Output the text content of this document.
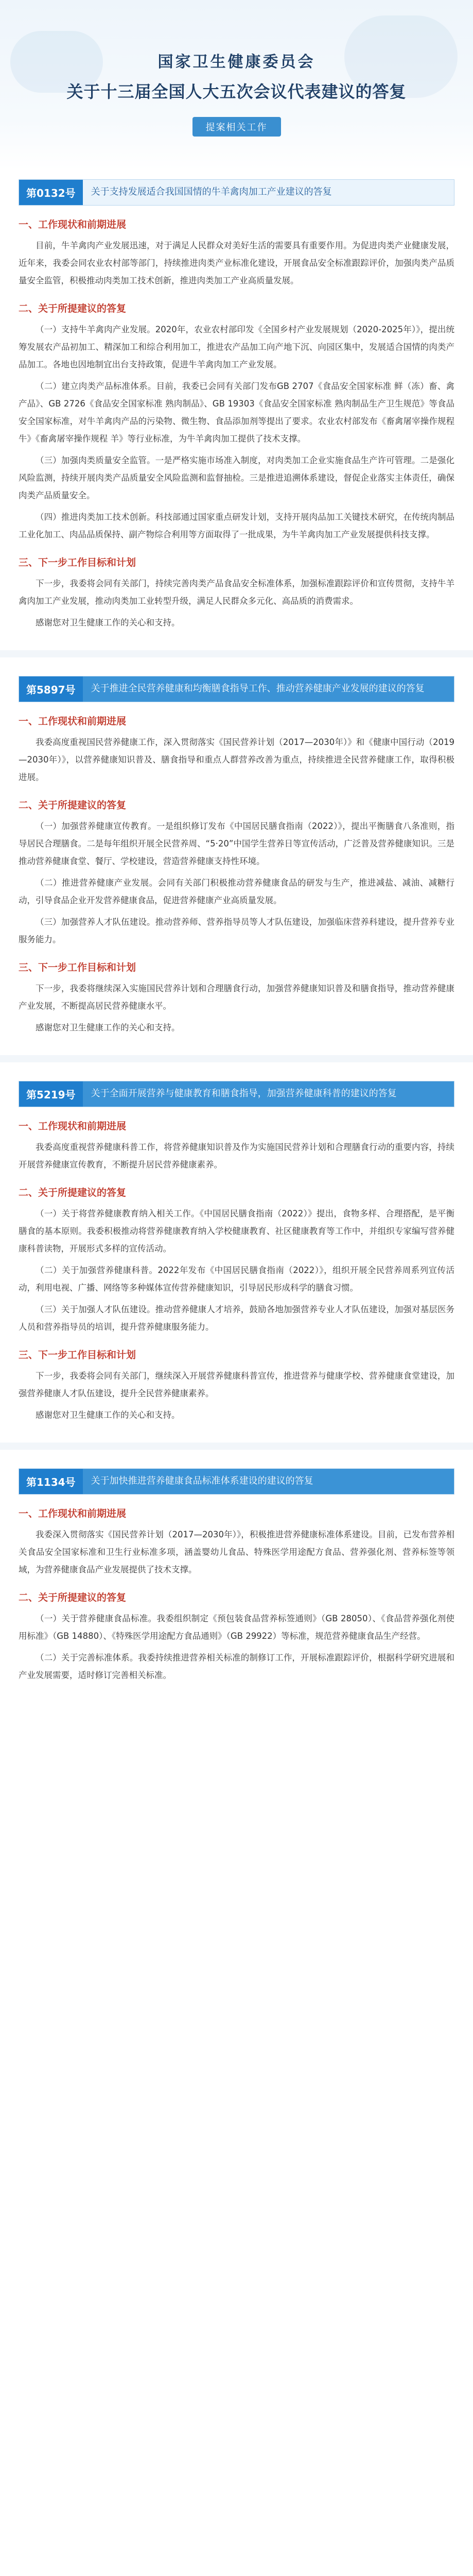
国家卫生健康委员会
关于十三届全国人大五次会议代表建议的答复
提案相关工作
第0132号	关于支持发展适合我国国情的牛羊禽肉加工产业建议的答复
一、工作现状和前期进展

目前，牛羊禽肉产业发展迅速，对于满足人民群众对美好生活的需要具有重要作用。为促进肉类产业健康发展，近年来，我委会同农业农村部等部门，持续推进肉类产业标准化建设，开展食品安全标准跟踪评价，加强肉类产品质量安全监管，积极推动肉类加工技术创新，推进肉类加工产业高质量发展。

二、关于所提建议的答复

（一）支持牛羊禽肉产业发展。2020年，农业农村部印发《全国乡村产业发展规划（2020-2025年）》，提出统筹发展农产品初加工、精深加工和综合利用加工，推进农产品加工向产地下沉、向园区集中，发展适合国情的肉类产品加工。各地也因地制宜出台支持政策，促进牛羊禽肉加工产业发展。

（二）建立肉类产品标准体系。目前，我委已会同有关部门发布GB 2707《食品安全国家标准 鲜（冻）畜、禽产品》、GB 2726《食品安全国家标准 熟肉制品》、GB 19303《食品安全国家标准 熟肉制品生产卫生规范》等食品安全国家标准，对牛羊禽肉产品的污染物、微生物、食品添加剂等提出了要求。农业农村部发布《畜禽屠宰操作规程 牛》《畜禽屠宰操作规程 羊》等行业标准，为牛羊禽肉加工提供了技术支撑。

（三）加强肉类质量安全监管。一是严格实施市场准入制度，对肉类加工企业实施食品生产许可管理。二是强化风险监测，持续开展肉类产品质量安全风险监测和监督抽检。三是推进追溯体系建设，督促企业落实主体责任，确保肉类产品质量安全。

（四）推进肉类加工技术创新。科技部通过国家重点研发计划，支持开展肉品加工关键技术研究，在传统肉制品工业化加工、肉品品质保持、副产物综合利用等方面取得了一批成果，为牛羊禽肉加工产业发展提供科技支撑。

三、下一步工作目标和计划

下一步，我委将会同有关部门，持续完善肉类产品食品安全标准体系，加强标准跟踪评价和宣传贯彻，支持牛羊禽肉加工产业发展，推动肉类加工业转型升级，满足人民群众多元化、高品质的消费需求。

感谢您对卫生健康工作的关心和支持。

第5897号	关于推进全民营养健康和均衡膳食指导工作、推动营养健康产业发展的建议的答复
一、工作现状和前期进展

我委高度重视国民营养健康工作，深入贯彻落实《国民营养计划（2017—2030年）》和《健康中国行动（2019—2030年）》，以营养健康知识普及、膳食指导和重点人群营养改善为重点，持续推进全民营养健康工作，取得积极进展。

二、关于所提建议的答复

（一）加强营养健康宣传教育。一是组织修订发布《中国居民膳食指南（2022）》，提出平衡膳食八条准则，指导居民合理膳食。二是每年组织开展全民营养周、“5·20”中国学生营养日等宣传活动，广泛普及营养健康知识。三是推动营养健康食堂、餐厅、学校建设，营造营养健康支持性环境。

（二）推进营养健康产业发展。会同有关部门积极推动营养健康食品的研发与生产，推进减盐、减油、减糖行动，引导食品企业开发营养健康食品，促进营养健康产业高质量发展。

（三）加强营养人才队伍建设。推动营养师、营养指导员等人才队伍建设，加强临床营养科建设，提升营养专业服务能力。

三、下一步工作目标和计划

下一步，我委将继续深入实施国民营养计划和合理膳食行动，加强营养健康知识普及和膳食指导，推动营养健康产业发展，不断提高居民营养健康水平。

感谢您对卫生健康工作的关心和支持。

第5219号	关于全面开展营养与健康教育和膳食指导，加强营养健康科普的建议的答复
一、工作现状和前期进展

我委高度重视营养健康科普工作，将营养健康知识普及作为实施国民营养计划和合理膳食行动的重要内容，持续开展营养健康宣传教育，不断提升居民营养健康素养。

二、关于所提建议的答复

（一）关于将营养健康教育纳入相关工作。《中国居民膳食指南（2022）》提出，食物多样、合理搭配，是平衡膳食的基本原则。我委积极推动将营养健康教育纳入学校健康教育、社区健康教育等工作中，并组织专家编写营养健康科普读物，开展形式多样的宣传活动。

（二）关于加强营养健康科普。2022年发布《中国居民膳食指南（2022）》，组织开展全民营养周系列宣传活动，利用电视、广播、网络等多种媒体宣传营养健康知识，引导居民形成科学的膳食习惯。

（三）关于加强人才队伍建设。推动营养健康人才培养，鼓励各地加强营养专业人才队伍建设，加强对基层医务人员和营养指导员的培训，提升营养健康服务能力。

三、下一步工作目标和计划

下一步，我委将会同有关部门，继续深入开展营养健康科普宣传，推进营养与健康学校、营养健康食堂建设，加强营养健康人才队伍建设，提升全民营养健康素养。

感谢您对卫生健康工作的关心和支持。

第1134号	关于加快推进营养健康食品标准体系建设的建议的答复
一、工作现状和前期进展

我委深入贯彻落实《国民营养计划（2017—2030年）》，积极推进营养健康标准体系建设。目前，已发布营养相关食品安全国家标准和卫生行业标准多项，涵盖婴幼儿食品、特殊医学用途配方食品、营养强化剂、营养标签等领域，为营养健康食品产业发展提供了技术支撑。

二、关于所提建议的答复

（一）关于营养健康食品标准。我委组织制定《预包装食品营养标签通则》（GB 28050）、《食品营养强化剂使用标准》（GB 14880）、《特殊医学用途配方食品通则》（GB 29922）等标准，规范营养健康食品生产经营。

（二）关于完善标准体系。我委持续推进营养相关标准的制修订工作，开展标准跟踪评价，根据科学研究进展和产业发展需要，适时修订完善相关标准。
